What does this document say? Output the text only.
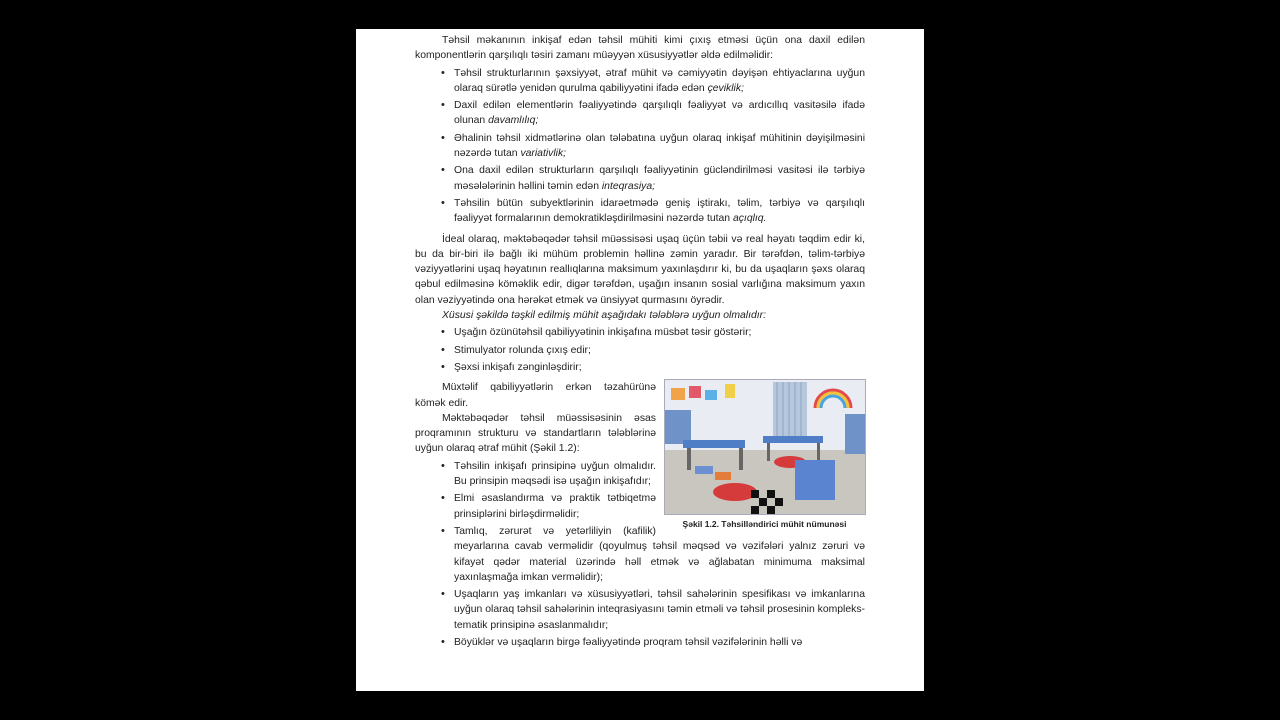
Təhsil məkanının inkişaf edən təhsil mühiti kimi çıxış etməsi üçün ona daxil edilən komponentlərin qarşılıqlı təsiri zamanı müəyyən xüsusiyyətlər əldə edilməlidir:

• Təhsil strukturlarının şəxsiyyət, ətraf mühit və cəmiyyətin dəyişən ehtiyaclarına uyğun olaraq sürətlə yenidən qurulma qabiliyyətini ifadə edən çeviklik;
• Daxil edilən elementlərin fəaliyyətində qarşılıqlı fəaliyyət və ardıcıllıq vasitəsilə ifadə olunan davamlılıq;
• Əhalinin təhsil xidmətlərinə olan tələbatına uyğun olaraq inkişaf mühitinin dəyişilməsini nəzərdə tutan variativlik;
• Ona daxil edilən strukturların qarşılıqlı fəaliyyətinin gücləndirilməsi vasitəsi ilə tərbiyə məsələlərinin həllini təmin edən inteqrasiya;
• Təhsilin bütün subyektlərinin idarəetmədə geniş iştirakı, təlim, tərbiyə və qarşılıqlı fəaliyyət formalarının demokratikləşdirilməsini nəzərdə tutan açıqlıq.

İdeal olaraq, məktəbəqədər təhsil müəssisəsi uşaq üçün təbii və real həyatı təqdim edir ki, bu da bir-biri ilə bağlı iki mühüm problemin həllinə zəmin yaradır. Bir tərəfdən, təlim-tərbiyə vəziyyətlərini uşaq həyatının reallıqlarına maksimum yaxınlaşdırır ki, bu da uşaqların şəxs olaraq qəbul edilməsinə köməklik edir, digər tərəfdən, uşağın insanın sosial varlığına maksimum yaxın olan vəziyyətində ona hərəkət etmək və ünsiyyət qurmasını öyrədir.

Xüsusi şəkildə təşkil edilmiş mühit aşağıdakı tələblərə uyğun olmalıdır:

• Uşağın özünütəhsil qabiliyyətinin inkişafına müsbət təsir göstərir;
• Stimulyator rolunda çıxış edir;
• Şəxsi inkişafı zənginləşdirir;
Şəkil 1.2. Təhsilləndirici mühit nümunəsi

Müxtəlif qabiliyyətlərin erkən təzahürünə kömək edir.

Məktəbəqədər təhsil müəssisəsinin əsas proqramının strukturu və standartların tələblərinə uyğun olaraq ətraf mühit (Şəkil 1.2):

• Təhsilin inkişafı prinsipinə uyğun olmalıdır. Bu prinsipin məqsədi isə uşağın inkişafıdır;
• Elmi əsaslandırma və praktik tətbiqetmə prinsiplərini birləşdirməlidir;
• Tamlıq, zərurət və yetərliliyin (kafilik) meyarlarına cavab verməlidir (qoyulmuş təhsil məqsəd və vəzifələri yalnız zəruri və kifayət qədər material üzərində həll etmək və ağlabatan minimuma maksimal yaxınlaşmağa imkan verməlidir);
• Uşaqların yaş imkanları və xüsusiyyətləri, təhsil sahələrinin spesifikası və imkanlarına uyğun olaraq təhsil sahələrinin inteqrasiyasını təmin etməli və təhsil prosesinin kompleks-tematik prinsipinə əsaslanmalıdır;
• Böyüklər və uşaqların birgə fəaliyyətində proqram təhsil vəzifələrinin həlli və
